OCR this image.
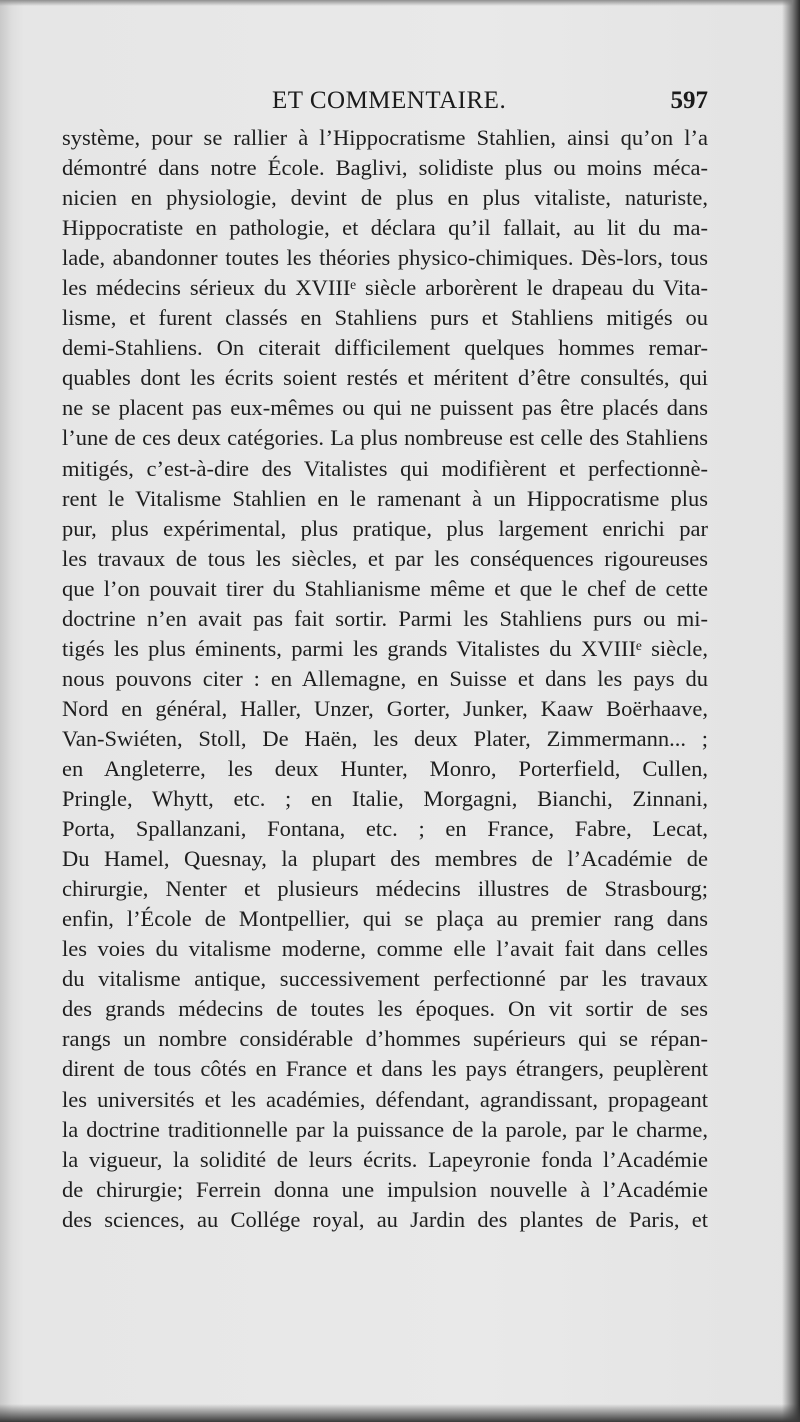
ET COMMENTAIRE.	597
système, pour se rallier à l’Hippocratisme Stahlien, ainsi qu’on l’a
démontré dans notre École. Baglivi, solidiste plus ou moins méca-
nicien en physiologie, devint de plus en plus vitaliste, naturiste,
Hippocratiste en pathologie, et déclara qu’il fallait, au lit du ma-
lade, abandonner toutes les théories physico-chimiques. Dès-lors, tous
les médecins sérieux du XVIIIᵉ siècle arborèrent le drapeau du Vita-
lisme, et furent classés en Stahliens purs et Stahliens mitigés ou
demi-Stahliens. On citerait difficilement quelques hommes remar-
quables dont les écrits soient restés et méritent d’être consultés, qui
ne se placent pas eux-mêmes ou qui ne puissent pas être placés dans
l’une de ces deux catégories. La plus nombreuse est celle des Stahliens
mitigés, c’est-à-dire des Vitalistes qui modifièrent et perfectionnè-
rent le Vitalisme Stahlien en le ramenant à un Hippocratisme plus
pur, plus expérimental, plus pratique, plus largement enrichi par
les travaux de tous les siècles, et par les conséquences rigoureuses
que l’on pouvait tirer du Stahlianisme même et que le chef de cette
doctrine n’en avait pas fait sortir. Parmi les Stahliens purs ou mi-
tigés les plus éminents, parmi les grands Vitalistes du XVIIIᵉ siècle,
nous pouvons citer : en Allemagne, en Suisse et dans les pays du
Nord en général, Haller, Unzer, Gorter, Junker, Kaaw Boërhaave,
Van-Swiéten, Stoll, De Haën, les deux Plater, Zimmermann... ;
en Angleterre, les deux Hunter, Monro, Porterfield, Cullen,
Pringle, Whytt, etc. ; en Italie, Morgagni, Bianchi, Zinnani,
Porta, Spallanzani, Fontana, etc. ; en France, Fabre, Lecat,
Du Hamel, Quesnay, la plupart des membres de l’Académie de
chirurgie, Nenter et plusieurs médecins illustres de Strasbourg;
enfin, l’École de Montpellier, qui se plaça au premier rang dans
les voies du vitalisme moderne, comme elle l’avait fait dans celles
du vitalisme antique, successivement perfectionné par les travaux
des grands médecins de toutes les époques. On vit sortir de ses
rangs un nombre considérable d’hommes supérieurs qui se répan-
dirent de tous côtés en France et dans les pays étrangers, peuplèrent
les universités et les académies, défendant, agrandissant, propageant
la doctrine traditionnelle par la puissance de la parole, par le charme,
la vigueur, la solidité de leurs écrits. Lapeyronie fonda l’Académie
de chirurgie; Ferrein donna une impulsion nouvelle à l’Académie
des sciences, au Collége royal, au Jardin des plantes de Paris, et
